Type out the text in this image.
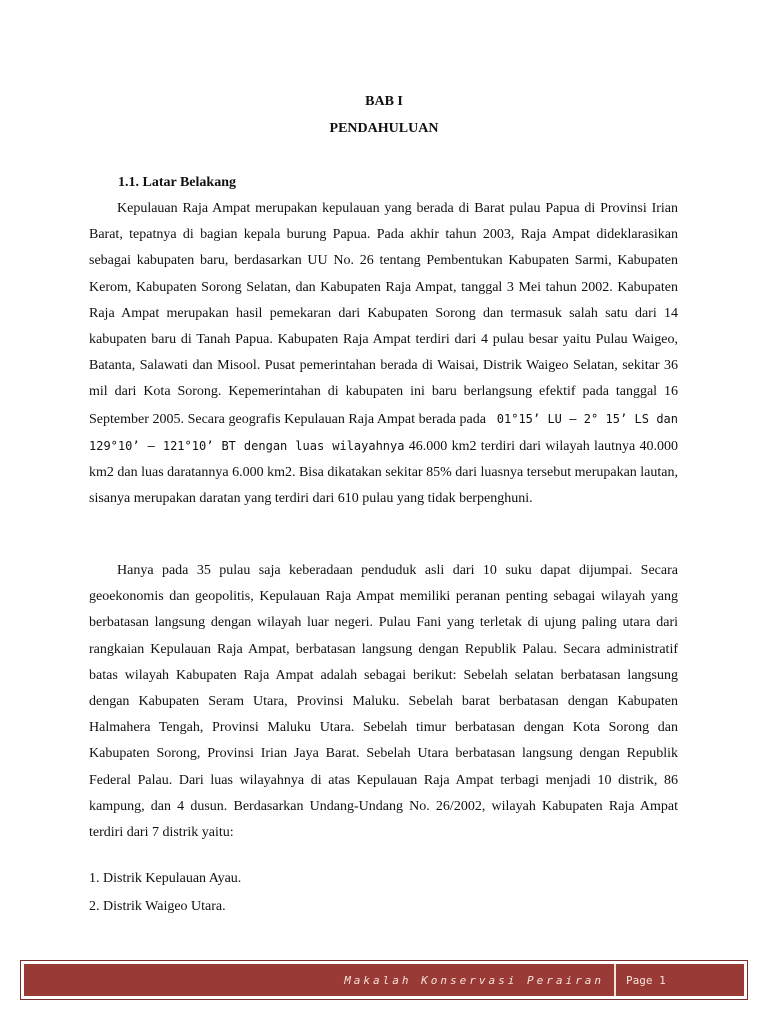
BAB I
PENDAHULUAN
1.1. Latar Belakang

Kepulauan Raja Ampat merupakan kepulauan yang berada di Barat pulau Papua di Provinsi Irian Barat, tepatnya di bagian kepala burung Papua. Pada akhir tahun 2003, Raja Ampat dideklarasikan sebagai kabupaten baru, berdasarkan UU No. 26 tentang Pembentukan Kabupaten Sarmi, Kabupaten Kerom, Kabupaten Sorong Selatan, dan Kabupaten Raja Ampat, tanggal 3 Mei tahun 2002. Kabupaten Raja Ampat merupakan hasil pemekaran dari Kabupaten Sorong dan termasuk salah satu dari 14 kabupaten baru di Tanah Papua. Kabupaten Raja Ampat terdiri dari 4 pulau besar yaitu Pulau Waigeo, Batanta, Salawati dan Misool. Pusat pemerintahan berada di Waisai, Distrik Waigeo Selatan, sekitar 36 mil dari Kota Sorong. Kepemerintahan di kabupaten ini baru berlangsung efektif pada tanggal 16 September 2005. Secara geografis Kepulauan Raja Ampat berada pada 01°15’ LU – 2° 15’ LS dan 129°10’ – 121°10’ BT dengan luas wilayahnya 46.000 km2 terdiri dari wilayah lautnya 40.000 km2 dan luas daratannya 6.000 km2. Bisa dikatakan sekitar 85% dari luasnya tersebut merupakan lautan, sisanya merupakan daratan yang terdiri dari 610 pulau yang tidak berpenghuni.

Hanya pada 35 pulau saja keberadaan penduduk asli dari 10 suku dapat dijumpai. Secara geoekonomis dan geopolitis, Kepulauan Raja Ampat memiliki peranan penting sebagai wilayah yang berbatasan langsung dengan wilayah luar negeri. Pulau Fani yang terletak di ujung paling utara dari rangkaian Kepulauan Raja Ampat, berbatasan langsung dengan Republik Palau. Secara administratif batas wilayah Kabupaten Raja Ampat adalah sebagai berikut: Sebelah selatan berbatasan langsung dengan Kabupaten Seram Utara, Provinsi Maluku. Sebelah barat berbatasan dengan Kabupaten Halmahera Tengah, Provinsi Maluku Utara. Sebelah timur berbatasan dengan Kota Sorong dan Kabupaten Sorong, Provinsi Irian Jaya Barat. Sebelah Utara berbatasan langsung dengan Republik Federal Palau. Dari luas wilayahnya di atas Kepulauan Raja Ampat terbagi menjadi 10 distrik, 86 kampung, dan 4 dusun. Berdasarkan Undang-Undang No. 26/2002, wilayah Kabupaten Raja Ampat terdiri dari 7 distrik yaitu:

1. Distrik Kepulauan Ayau.
2. Distrik Waigeo Utara.
Makalah Konservasi Perairan	Page 1
